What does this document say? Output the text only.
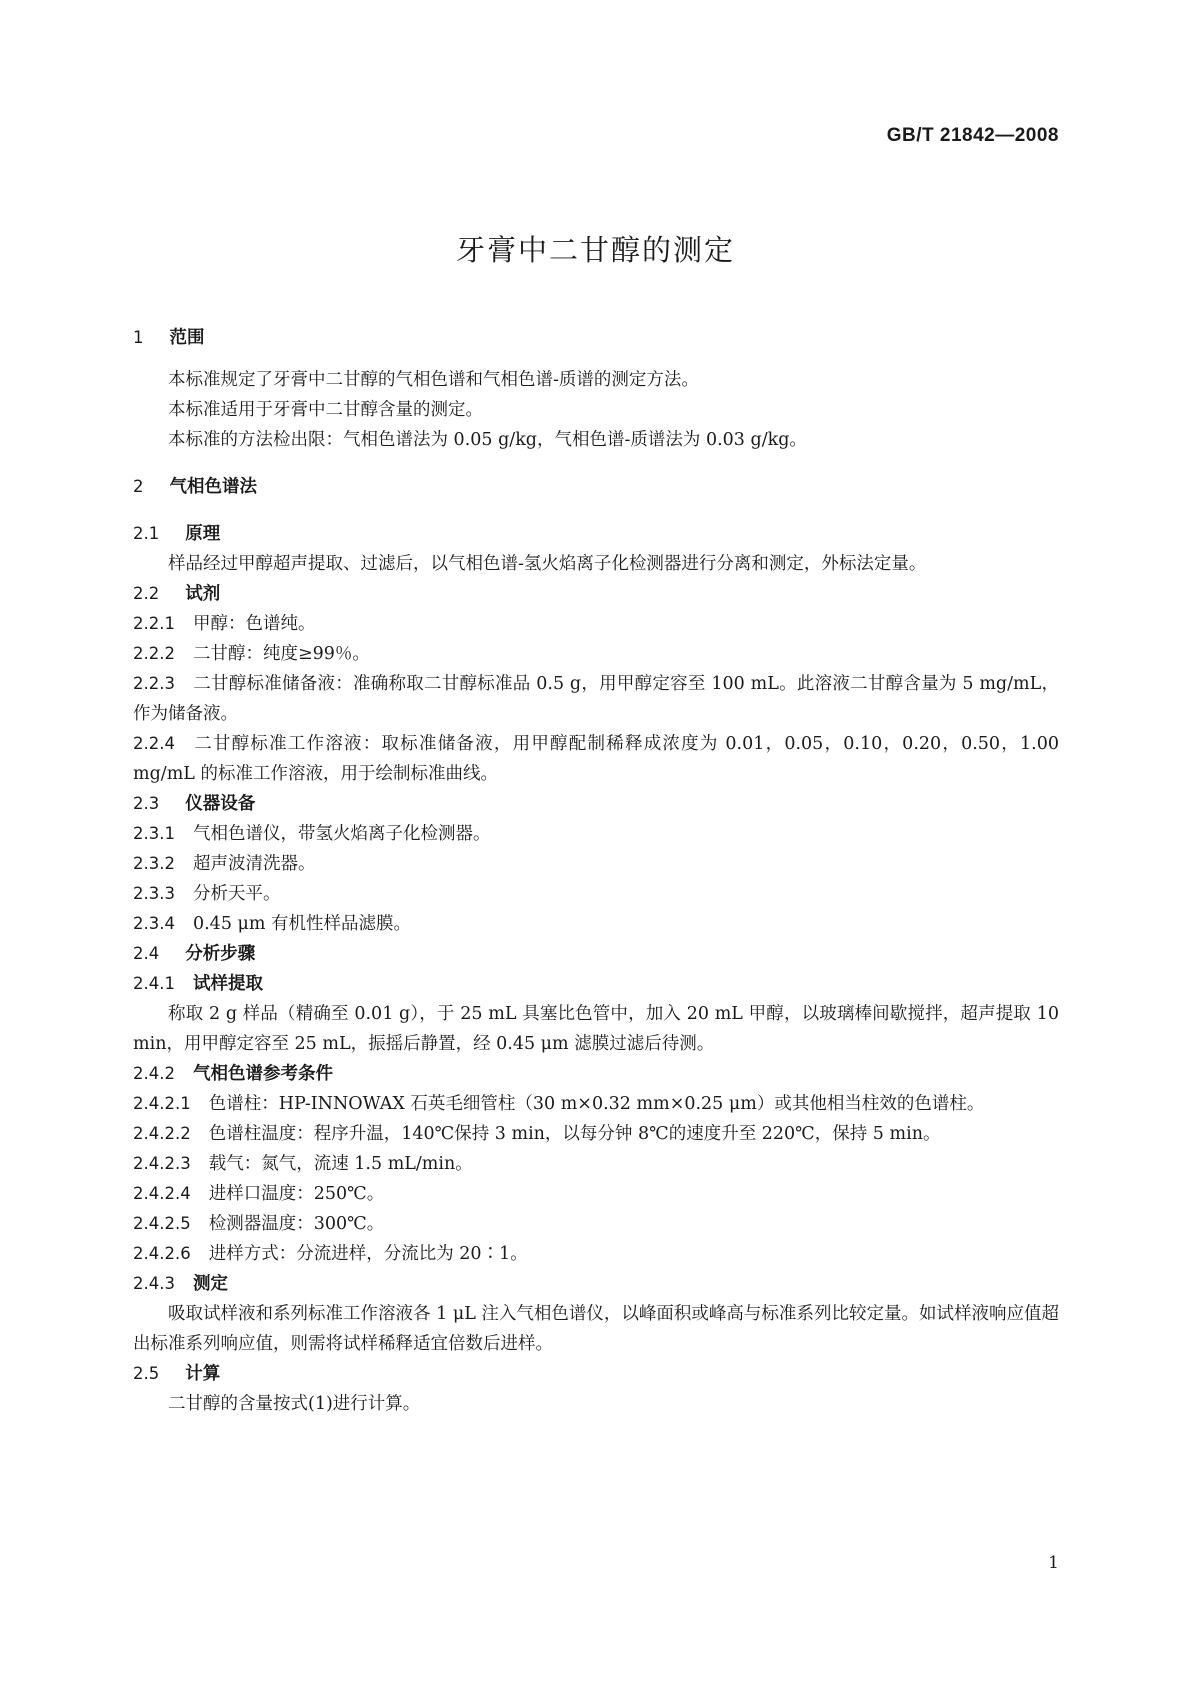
GB/T 21842—2008
牙膏中二甘醇的测定
1 范围
本标准规定了牙膏中二甘醇的气相色谱和气相色谱-质谱的测定方法。
本标准适用于牙膏中二甘醇含量的测定。
本标准的方法检出限：气相色谱法为 0.05 g/kg，气相色谱-质谱法为 0.03 g/kg。
2 气相色谱法
2.1 原理
样品经过甲醇超声提取、过滤后，以气相色谱-氢火焰离子化检测器进行分离和测定，外标法定量。
2.2 试剂
2.2.1 甲醇：色谱纯。
2.2.2 二甘醇：纯度≥99％。
2.2.3 二甘醇标准储备液：准确称取二甘醇标准品 0.5 g，用甲醇定容至 100 mL。此溶液二甘醇含量为 5 mg/mL，作为储备液。
2.2.4 二甘醇标准工作溶液：取标准储备液，用甲醇配制稀释成浓度为 0.01，0.05，0.10，0.20，0.50，1.00 mg/mL 的标准工作溶液，用于绘制标准曲线。
2.3 仪器设备
2.3.1 气相色谱仪，带氢火焰离子化检测器。
2.3.2 超声波清洗器。
2.3.3 分析天平。
2.3.4 0.45 μm 有机性样品滤膜。
2.4 分析步骤
2.4.1 试样提取
称取 2 g 样品（精确至 0.01 g），于 25 mL 具塞比色管中，加入 20 mL 甲醇，以玻璃棒间歇搅拌，超声提取 10 min，用甲醇定容至 25 mL，振摇后静置，经 0.45 μm 滤膜过滤后待测。
2.4.2 气相色谱参考条件
2.4.2.1 色谱柱：HP-INNOWAX 石英毛细管柱（30 m×0.32 mm×0.25 μm）或其他相当柱效的色谱柱。
2.4.2.2 色谱柱温度：程序升温，140℃保持 3 min，以每分钟 8℃的速度升至 220℃，保持 5 min。
2.4.2.3 载气：氮气，流速 1.5 mL/min。
2.4.2.4 进样口温度：250℃。
2.4.2.5 检测器温度：300℃。
2.4.2.6 进样方式：分流进样，分流比为 20∶1。
2.4.3 测定
吸取试样液和系列标准工作溶液各 1 μL 注入气相色谱仪，以峰面积或峰高与标准系列比较定量。如试样液响应值超出标准系列响应值，则需将试样稀释适宜倍数后进样。
2.5 计算
二甘醇的含量按式(1)进行计算。
1
